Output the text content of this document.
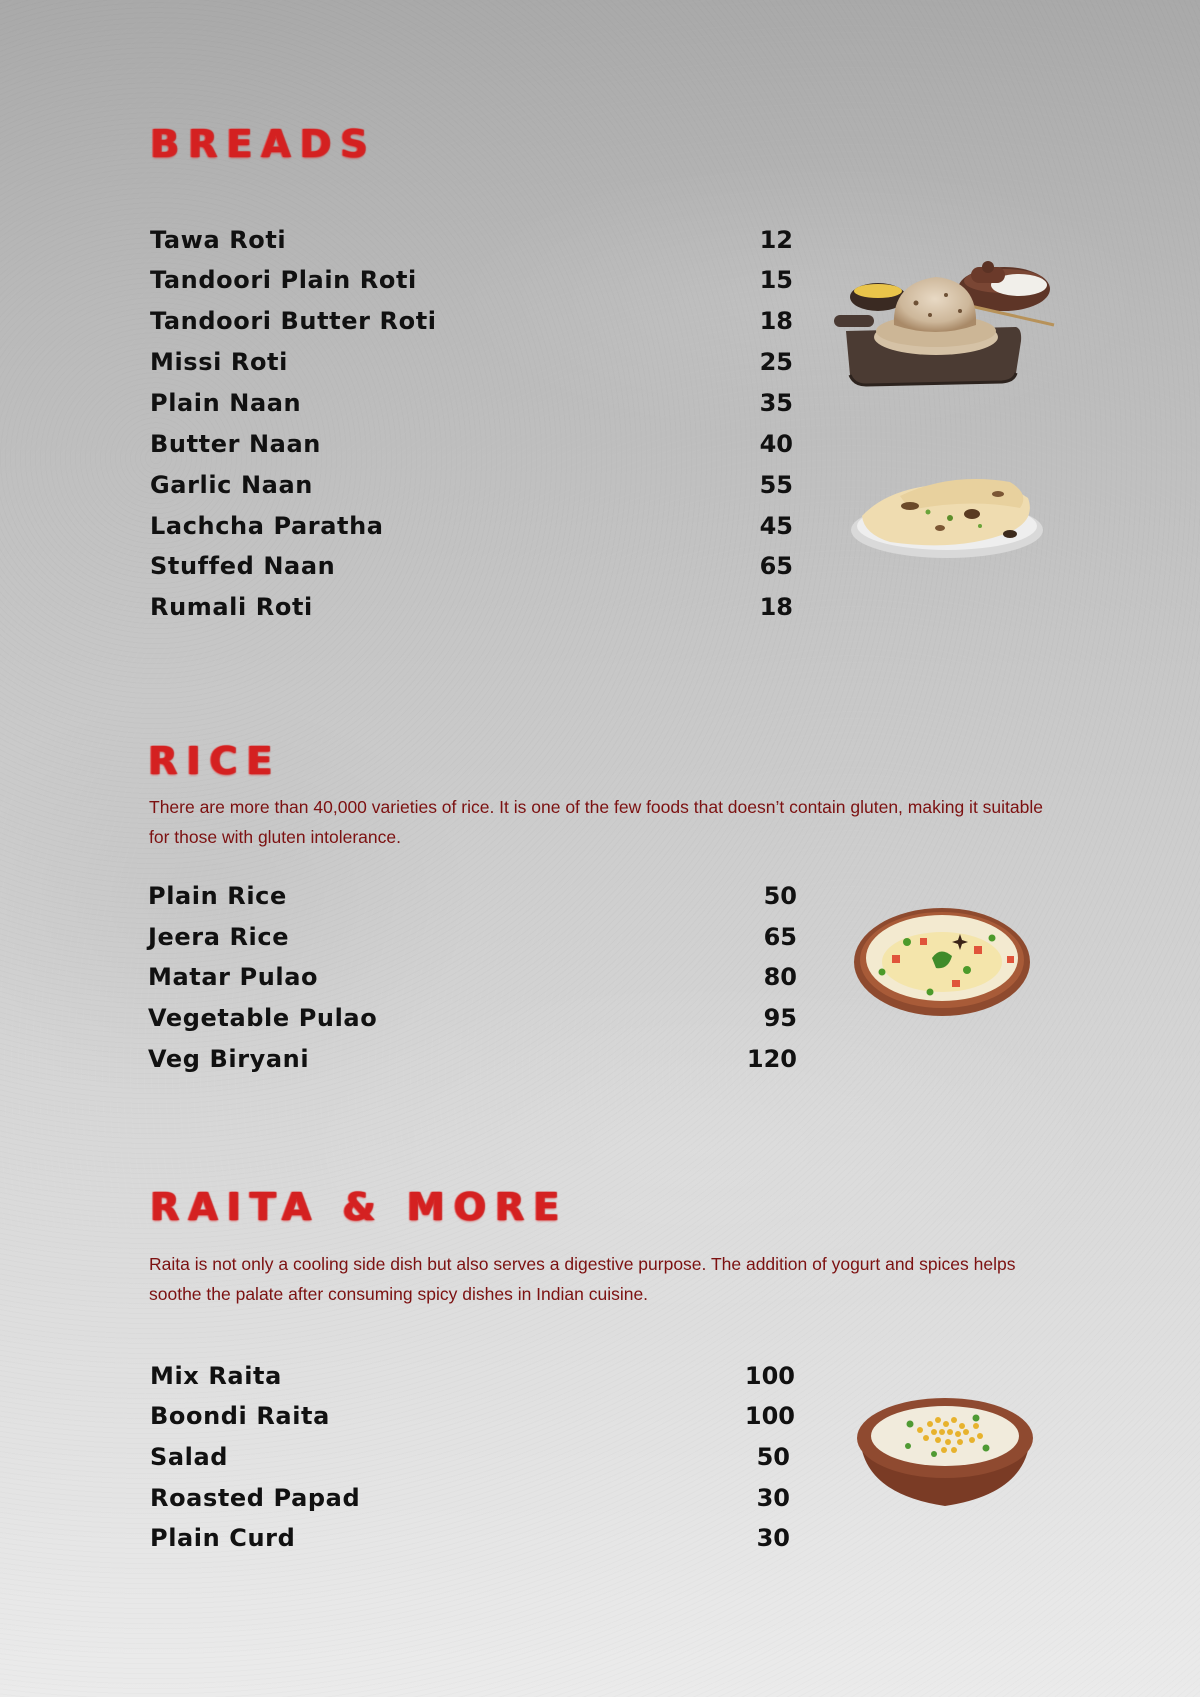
BREADS
Tawa Roti	12
Tandoori Plain Roti	15
Tandoori Butter Roti	18
Missi Roti	25
Plain Naan	35
Butter Naan	40
Garlic Naan	55
Lachcha Paratha	45
Stuffed Naan	65
Rumali Roti	18
RICE

There are more than 40,000 varieties of rice. It is one of the few foods that doesn’t contain gluten, making it suitable for those with gluten intolerance.

Plain Rice	50
Jeera Rice	65
Matar Pulao	80
Vegetable Pulao	95
Veg Biryani	120
RAITA & MORE

Raita is not only a cooling side dish but also serves a digestive purpose. The addition of yogurt and spices helps soothe the palate after consuming spicy dishes in Indian cuisine.

Mix Raita	100
Boondi Raita	100
Salad	50
Roasted Papad	30
Plain Curd	30
